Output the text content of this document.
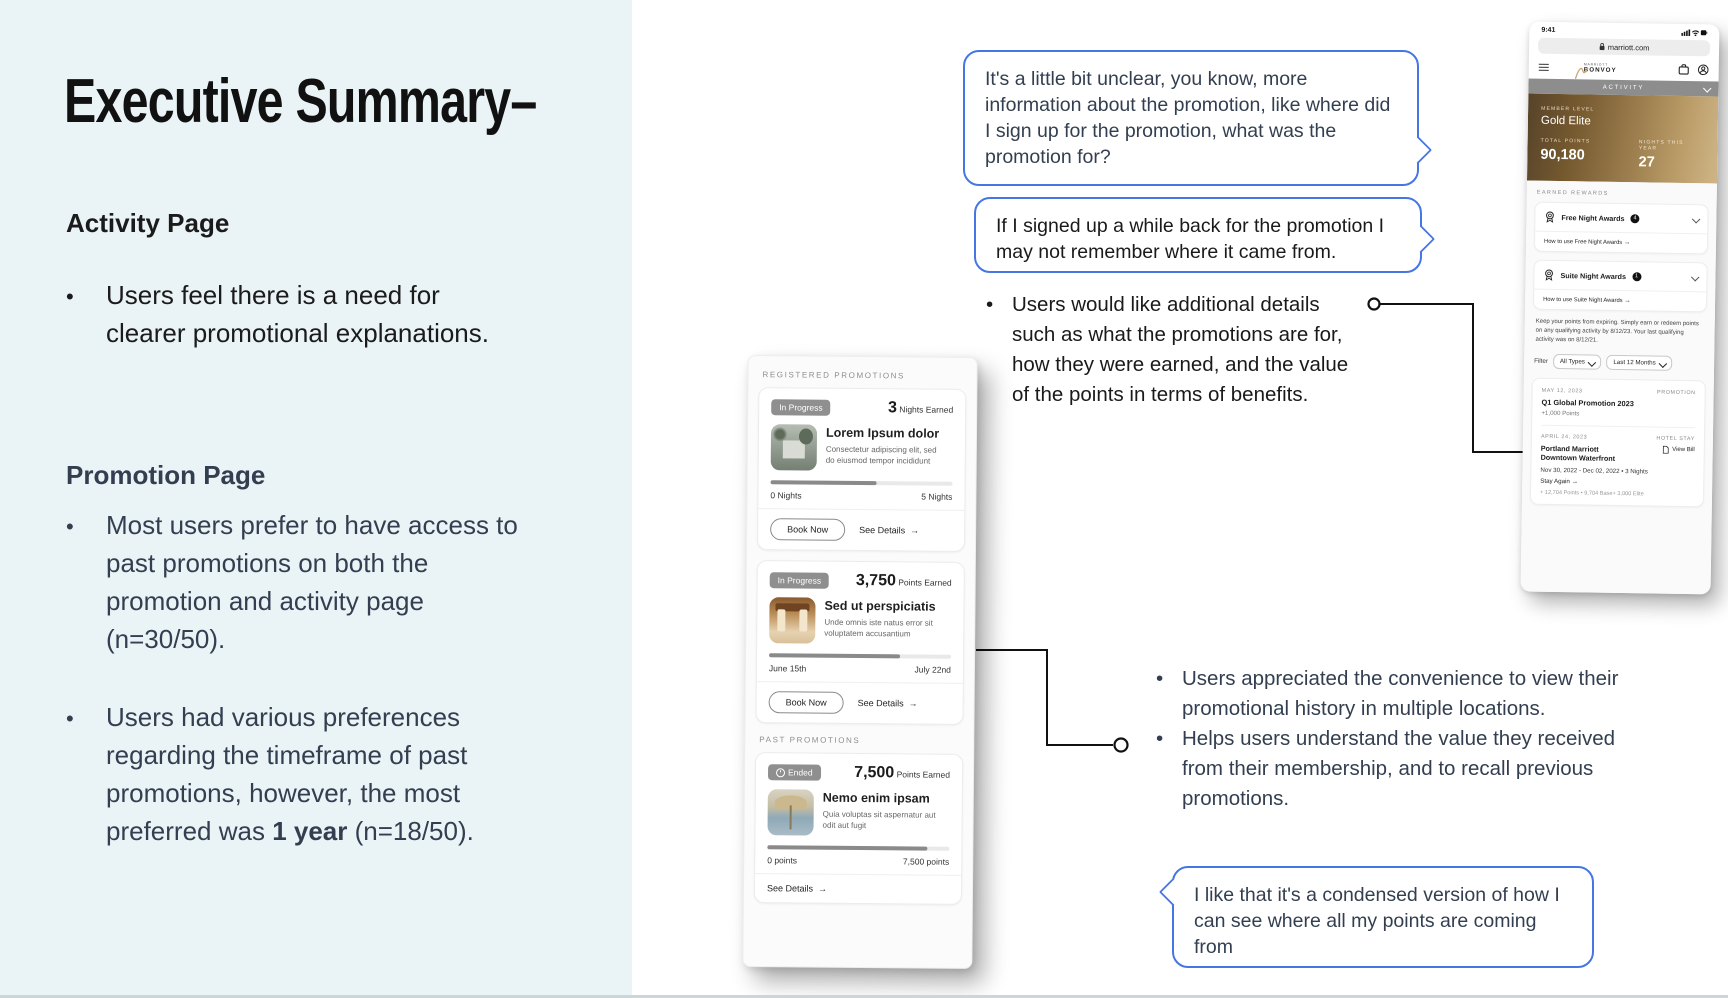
Executive Summary–
Activity Page
•
Users feel there is a need for clearer promotional explanations.
Promotion Page
•
Most users prefer to have access to past promotions on both the promotion and activity page (n=30/50).
•
Users had various preferences regarding the timeframe of past promotions, however, the most preferred was 1 year (n=18/50).
It's a little bit unclear, you know, more information about the promotion, like where did I sign up for the promotion, what was the promotion for?
If I signed up a while back for the promotion I may not remember where it came from.
I like that it's a condensed version of how I can see where all my points are coming from
•
Users would like additional details such as what the promotions are for, how they were earned, and the value of the points in terms of benefits.
•
Users appreciated the convenience to view their promotional history in multiple locations.
•
Helps users understand the value they received from their membership, and to recall previous promotions.
REGISTERED PROMOTIONS
In Progress	3 Nights Earned
Lorem Ipsum dolor
Consectetur adipiscing elit, sed do eiusmod tempor incididunt
0 Nights	5 Nights
Book Now	See Details →
In Progress	3,750 Points Earned
Sed ut perspiciatis
Unde omnis iste natus error sit voluptatem accusantium
June 15th	July 22nd
Book Now	See Details →
PAST PROMOTIONS
Ended	7,500 Points Earned
Nemo enim ipsam
Quia voluptas sit aspernatur aut odit aut fugit
0 points	7,500 points
See Details →
9:41
marriott.com
MARRIOTT
BONVOY
ACTIVITY
MEMBER LEVEL
Gold Elite
TOTAL POINTS
90,180
NIGHTS THIS YEAR
27
EARNED REWARDS
Free Night Awards	4
How to use Free Night Awards →
Suite Night Awards	1
How to use Suite Night Awards →
Keep your points from expiring. Simply earn or redeem points on any qualifying activity by 8/12/23. Your last qualifying activity was on 8/12/21.
Filter All Types	Last 12 Months
MAY 12, 2023	PROMOTION
Q1 Global Promotion 2023
+1,000 Points
APRIL 24, 2023	HOTEL STAY
Portland Marriott Downtown Waterfront
View Bill
Nov 30, 2022 - Dec 02, 2022 • 3 Nights
Stay Again →
+ 12,704 Points • 9,704 Base+ 3,000 Elite
